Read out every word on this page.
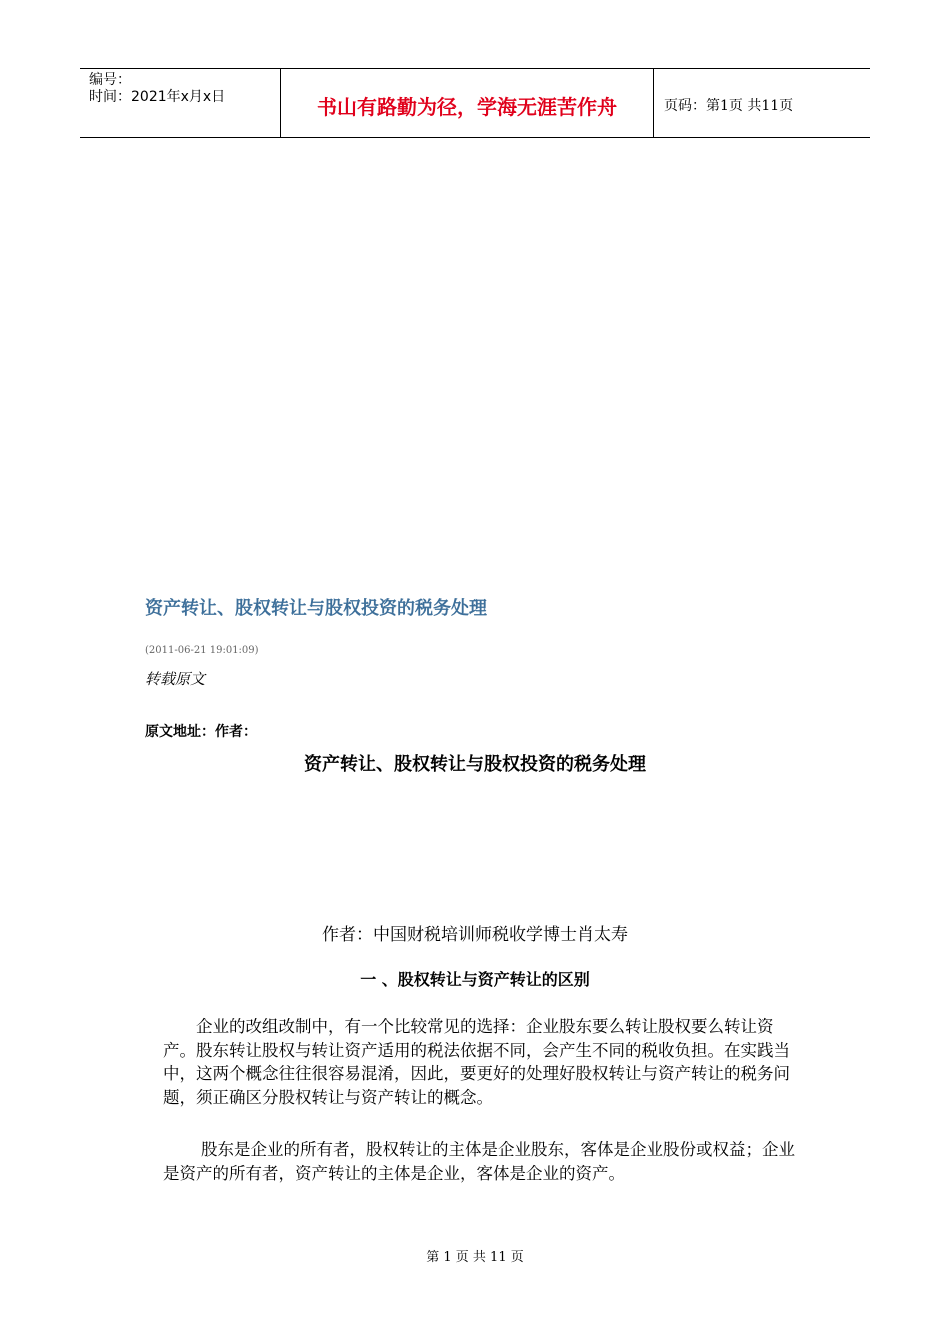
编号：
时间：2021年x月x日	书山有路勤为径，学海无涯苦作舟	页码：第1页 共11页
资产转让、股权转让与股权投资的税务处理
(2011-06-21 19:01:09)
转载原文
原文地址：作者：
资产转让、股权转让与股权投资的税务处理
作者：中国财税培训师税收学博士肖太寿
一 、股权转让与资产转让的区别
企业的改组改制中，有一个比较常见的选择：企业股东要么转让股权要么转让资产。股东转让股权与转让资产适用的税法依据不同，会产生不同的税收负担。在实践当中，这两个概念往往很容易混淆，因此，要更好的处理好股权转让与资产转让的税务问题，须正确区分股权转让与资产转让的概念。
股东是企业的所有者，股权转让的主体是企业股东，客体是企业股份或权益；企业是资产的所有者，资产转让的主体是企业，客体是企业的资产。
第 1 页 共 11 页
